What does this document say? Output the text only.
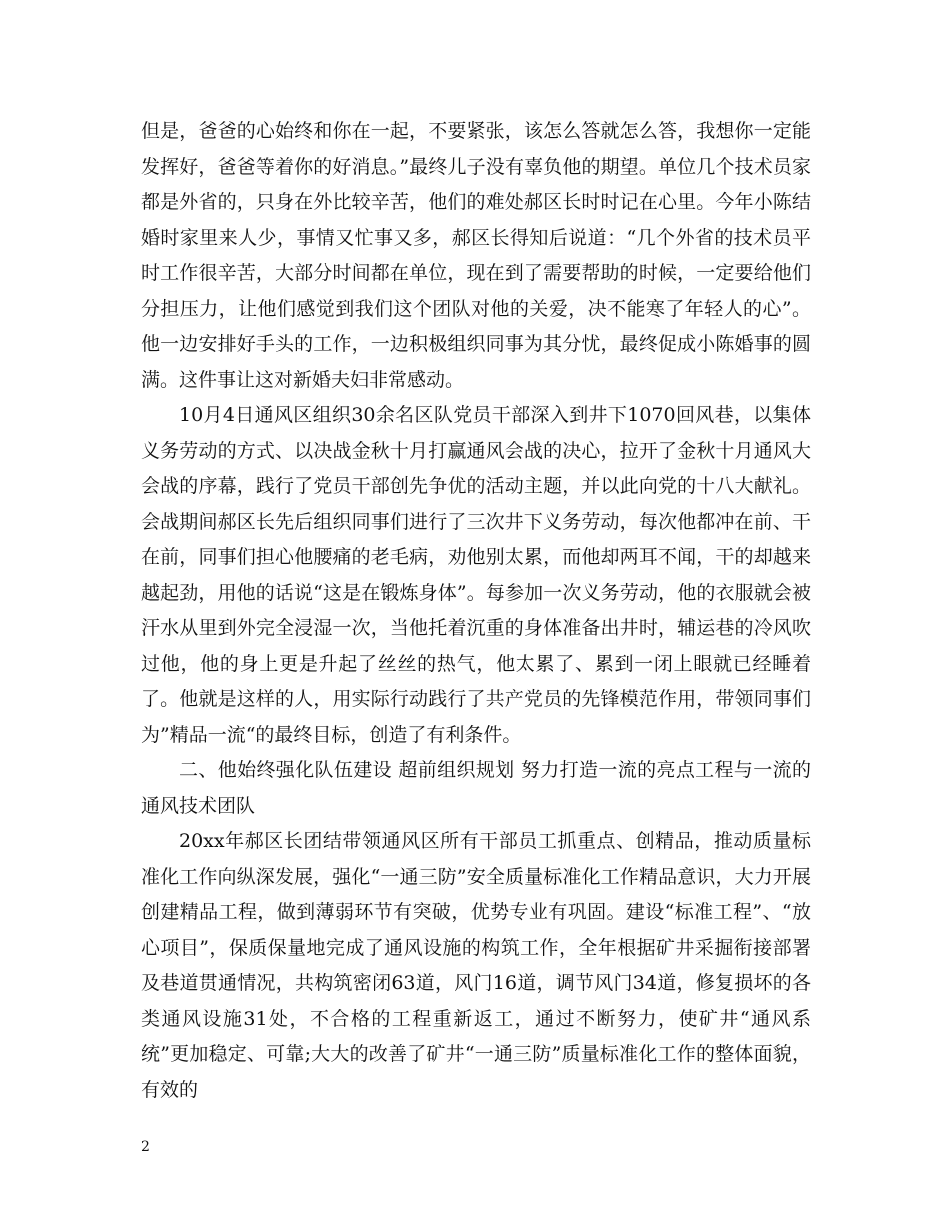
但是，爸爸的心始终和你在一起，不要紧张，该怎么答就怎么答，我想你一定能发挥好，爸爸等着你的好消息。”最终儿子没有辜负他的期望。单位几个技术员家都是外省的，只身在外比较辛苦，他们的难处郝区长时时记在心里。今年小陈结婚时家里来人少，事情又忙事又多，郝区长得知后说道：“几个外省的技术员平时工作很辛苦，大部分时间都在单位，现在到了需要帮助的时候，一定要给他们分担压力，让他们感觉到我们这个团队对他的关爱，决不能寒了年轻人的心”。他一边安排好手头的工作，一边积极组织同事为其分忧，最终促成小陈婚事的圆满。这件事让这对新婚夫妇非常感动。

10月4日通风区组织30余名区队党员干部深入到井下1070回风巷，以集体义务劳动的方式、以决战金秋十月打赢通风会战的决心，拉开了金秋十月通风大会战的序幕，践行了党员干部创先争优的活动主题，并以此向党的十八大献礼。会战期间郝区长先后组织同事们进行了三次井下义务劳动，每次他都冲在前、干在前，同事们担心他腰痛的老毛病，劝他别太累，而他却两耳不闻，干的却越来越起劲，用他的话说“这是在锻炼身体”。每参加一次义务劳动，他的衣服就会被汗水从里到外完全浸湿一次，当他托着沉重的身体准备出井时，辅运巷的冷风吹过他，他的身上更是升起了丝丝的热气，他太累了、累到一闭上眼就已经睡着了。他就是这样的人，用实际行动践行了共产党员的先锋模范作用，带领同事们为”精品一流“的最终目标，创造了有利条件。

二、他始终强化队伍建设 超前组织规划 努力打造一流的亮点工程与一流的通风技术团队

20xx年郝区长团结带领通风区所有干部员工抓重点、创精品，推动质量标准化工作向纵深发展，强化“一通三防”安全质量标准化工作精品意识，大力开展创建精品工程，做到薄弱环节有突破，优势专业有巩固。建设“标准工程”、“放心项目”，保质保量地完成了通风设施的构筑工作，全年根据矿井采掘衔接部署及巷道贯通情况，共构筑密闭63道，风门16道，调节风门34道，修复损坏的各类通风设施31处，不合格的工程重新返工，通过不断努力，使矿井“通风系统”更加稳定、可靠;大大的改善了矿井“一通三防”质量标准化工作的整体面貌，有效的

2
